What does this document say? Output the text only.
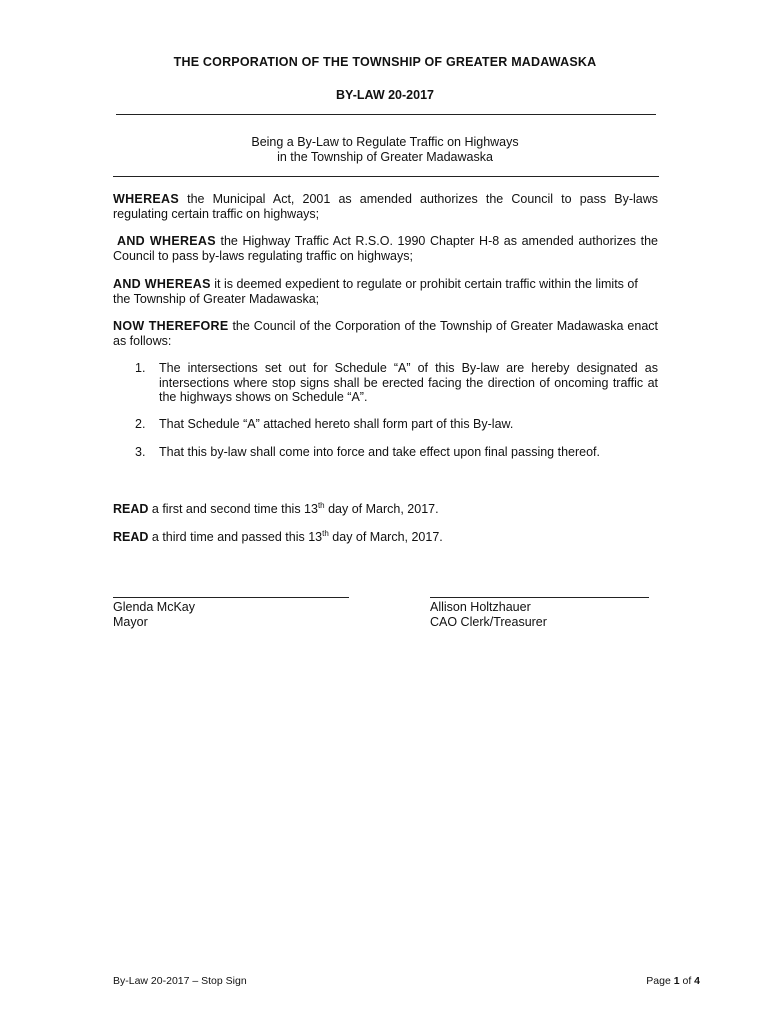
THE CORPORATION OF THE TOWNSHIP OF GREATER MADAWASKA
BY-LAW 20-2017
Being a By-Law to Regulate Traffic on Highways
in the Township of Greater Madawaska
WHEREAS the Municipal Act, 2001 as amended authorizes the Council to pass By-laws regulating certain traffic on highways;
AND WHEREAS the Highway Traffic Act R.S.O. 1990 Chapter H-8 as amended authorizes the Council to pass by-laws regulating traffic on highways;
AND WHEREAS it is deemed expedient to regulate or prohibit certain traffic within the limits of the Township of Greater Madawaska;
NOW THEREFORE the Council of the Corporation of the Township of Greater Madawaska enact as follows:
1.	The intersections set out for Schedule “A” of this By-law are hereby designated as intersections where stop signs shall be erected facing the direction of oncoming traffic at the highways shows on Schedule “A”.
2.	That Schedule “A” attached hereto shall form part of this By-law.
3.	That this by-law shall come into force and take effect upon final passing thereof.
READ a first and second time this 13th day of March, 2017.
READ a third time and passed this 13th day of March, 2017.
Glenda McKay
Mayor
Allison Holtzhauer
CAO Clerk/Treasurer
By-Law 20-2017 – Stop Sign	Page 1 of 4
